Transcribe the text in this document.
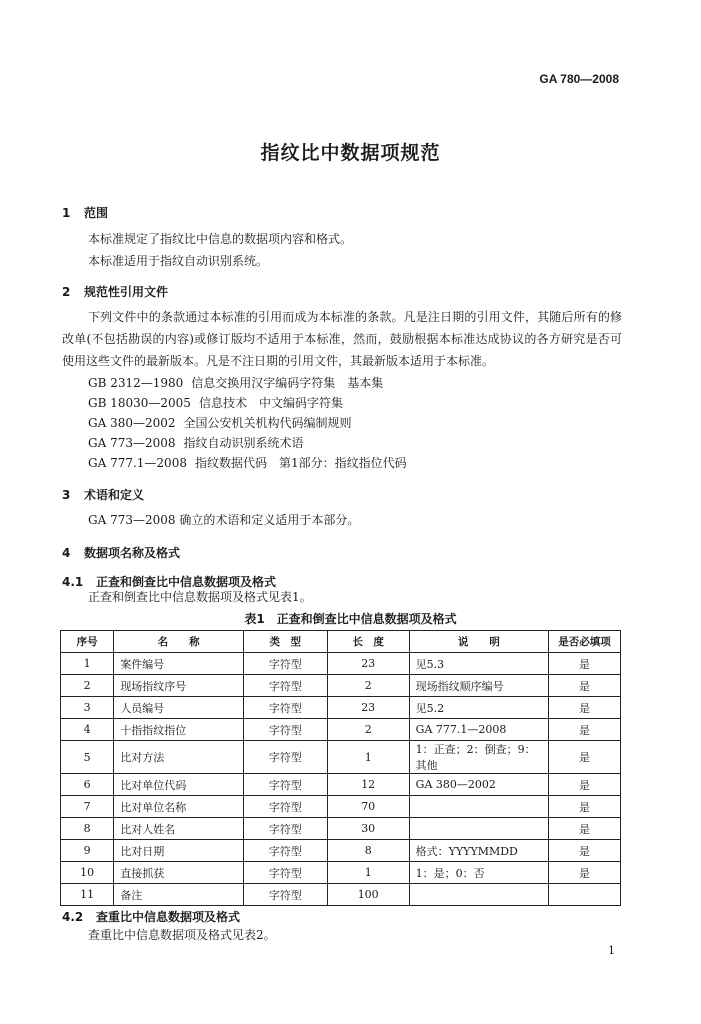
GA 780—2008
指纹比中数据项规范
1 范围
本标准规定了指纹比中信息的数据项内容和格式。
本标准适用于指纹自动识别系统。
2 规范性引用文件
下列文件中的条款通过本标准的引用而成为本标准的条款。凡是注日期的引用文件，其随后所有的修改单(不包括勘误的内容)或修订版均不适用于本标准，然而，鼓励根据本标准达成协议的各方研究是否可使用这些文件的最新版本。凡是不注日期的引用文件，其最新版本适用于本标准。
GB 2312—1980 信息交换用汉字编码字符集　基本集
GB 18030—2005 信息技术　中文编码字符集
GA 380—2002 全国公安机关机构代码编制规则
GA 773—2008 指纹自动识别系统术语
GA 777.1—2008 指纹数据代码　第1部分：指纹指位代码
3 术语和定义
GA 773—2008 确立的术语和定义适用于本部分。
4 数据项名称及格式
4.1 正查和倒查比中信息数据项及格式
正查和倒查比中信息数据项及格式见表1。
表1　正查和倒查比中信息数据项及格式
序号	名　　称	类　型	长　度	说　　明	是否必填项
1	案件编号	字符型	23	见5.3	是
2	现场指纹序号	字符型	2	现场指纹顺序编号	是
3	人员编号	字符型	23	见5.2	是
4	十指指纹指位	字符型	2	GA 777.1—2008	是
5	比对方法	字符型	1	1：正查；2：倒查；9：其他	是
6	比对单位代码	字符型	12	GA 380—2002	是
7	比对单位名称	字符型	70		是
8	比对人姓名	字符型	30		是
9	比对日期	字符型	8	格式：YYYYMMDD	是
10	直接抓获	字符型	1	1：是；0：否	是
11	备注	字符型	100		
4.2 查重比中信息数据项及格式
查重比中信息数据项及格式见表2。
1
